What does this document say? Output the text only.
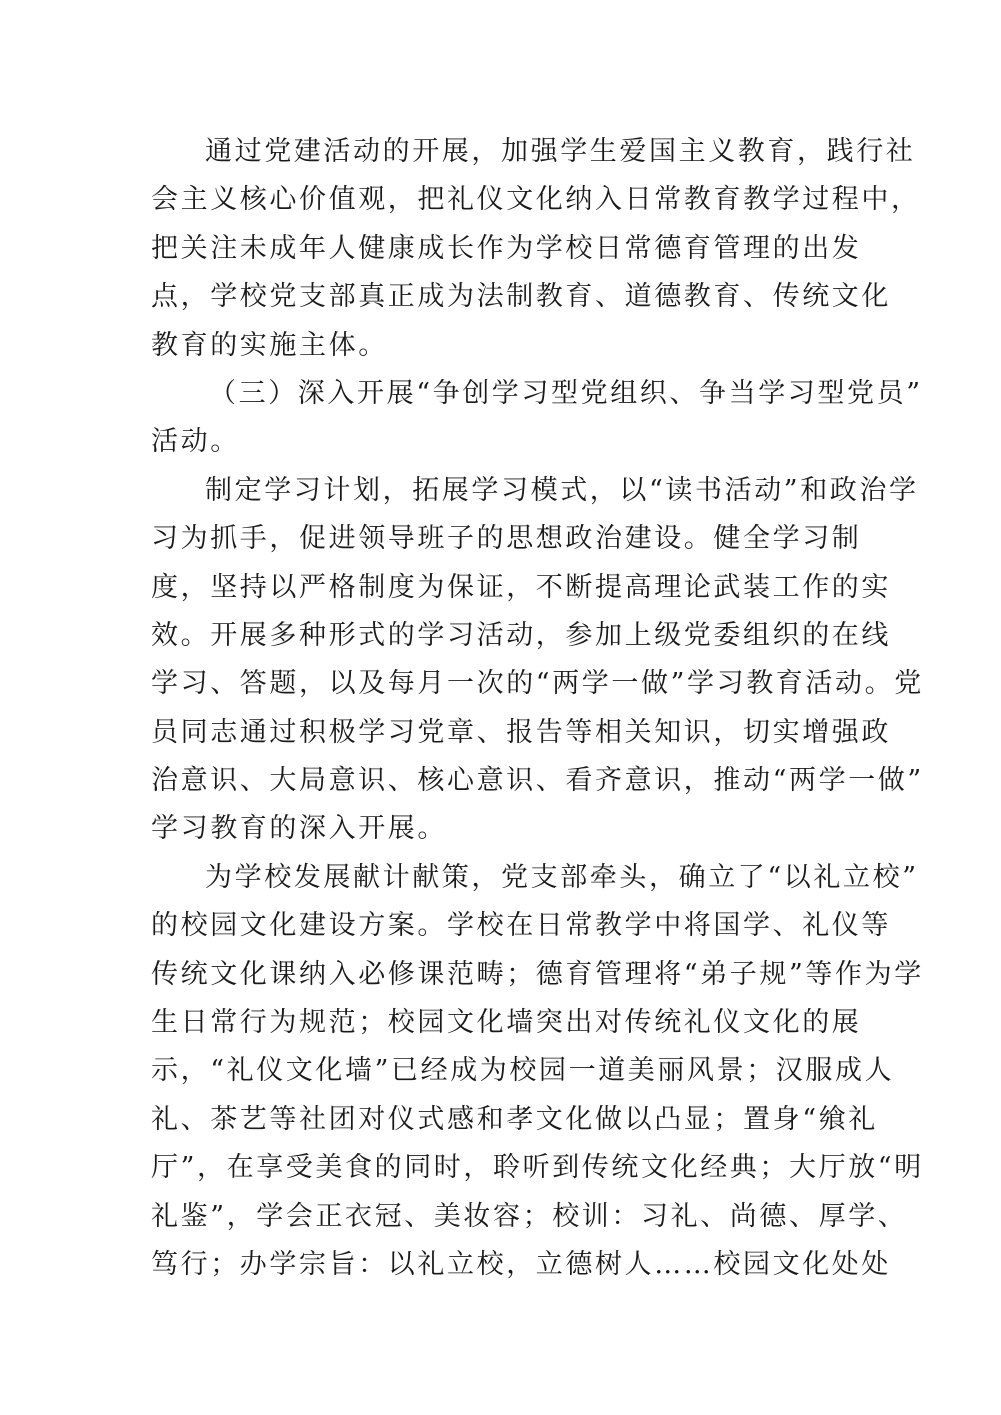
通过党建活动的开展，加强学生爱国主义教育，践行社
会主义核心价值观，把礼仪文化纳入日常教育教学过程中，
把关注未成年人健康成长作为学校日常德育管理的出发
点，学校党支部真正成为法制教育、道德教育、传统文化
教育的实施主体。
（三）深入开展“争创学习型党组织、争当学习型党员”
活动。
制定学习计划，拓展学习模式，以“读书活动”和政治学
习为抓手，促进领导班子的思想政治建设。健全学习制
度，坚持以严格制度为保证，不断提高理论武装工作的实
效。开展多种形式的学习活动，参加上级党委组织的在线
学习、答题，以及每月一次的“两学一做”学习教育活动。党
员同志通过积极学习党章、报告等相关知识，切实增强政
治意识、大局意识、核心意识、看齐意识，推动“两学一做”
学习教育的深入开展。
为学校发展献计献策，党支部牵头，确立了“以礼立校”
的校园文化建设方案。学校在日常教学中将国学、礼仪等
传统文化课纳入必修课范畴；德育管理将“弟子规”等作为学
生日常行为规范；校园文化墙突出对传统礼仪文化的展
示，“礼仪文化墙”已经成为校园一道美丽风景；汉服成人
礼、茶艺等社团对仪式感和孝文化做以凸显；置身“飨礼
厅”，在享受美食的同时，聆听到传统文化经典；大厅放“明
礼鉴”，学会正衣冠、美妆容；校训：习礼、尚德、厚学、
笃行；办学宗旨：以礼立校，立德树人……校园文化处处
